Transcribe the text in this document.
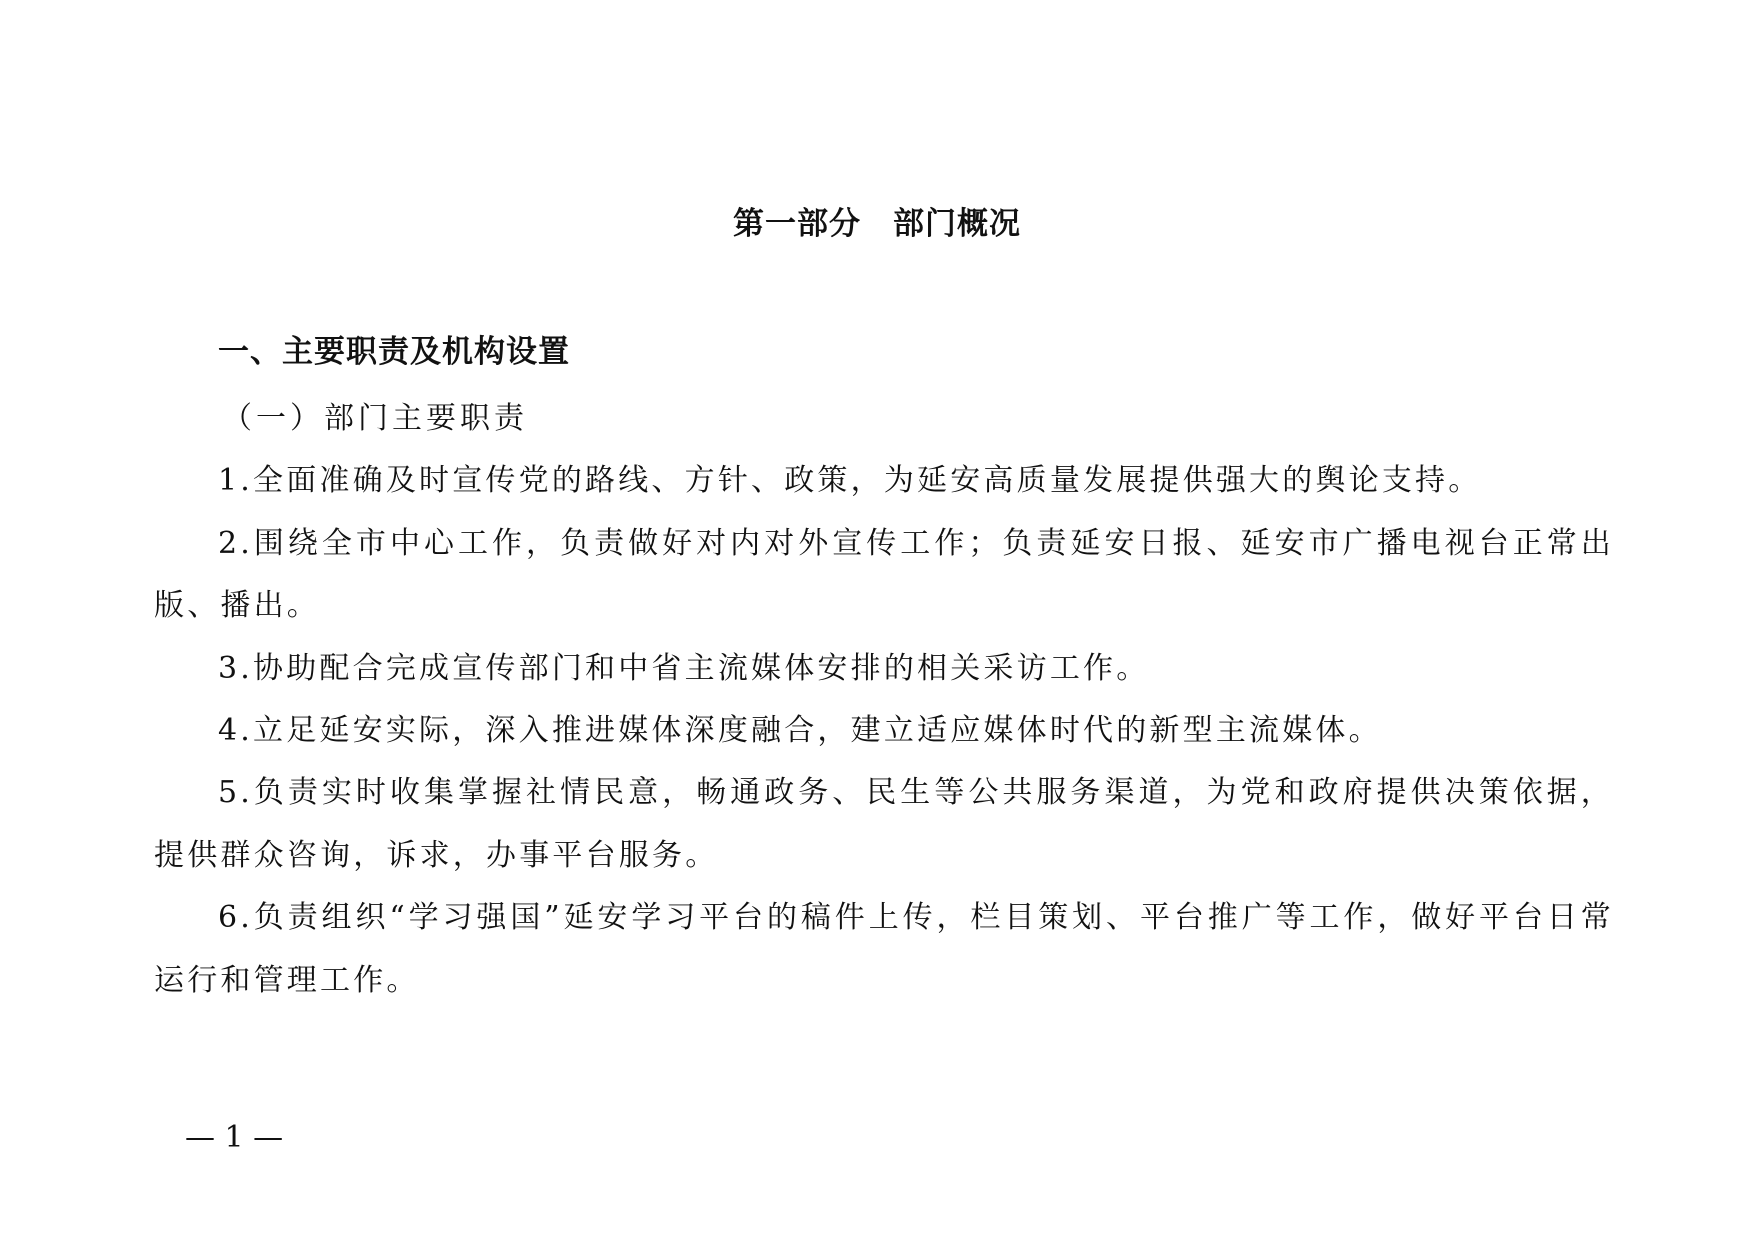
第一部分　部门概况
一、主要职责及机构设置

（一）部门主要职责

1.全面准确及时宣传党的路线、方针、政策，为延安高质量发展提供强大的舆论支持。

2.围绕全市中心工作，负责做好对内对外宣传工作；负责延安日报、延安市广播电视台正常出版、播出。

3.协助配合完成宣传部门和中省主流媒体安排的相关采访工作。

4.立足延安实际，深入推进媒体深度融合，建立适应媒体时代的新型主流媒体。

5.负责实时收集掌握社情民意，畅通政务、民生等公共服务渠道，为党和政府提供决策依据，提供群众咨询，诉求，办事平台服务。

6.负责组织“学习强国”延安学习平台的稿件上传，栏目策划、平台推广等工作，做好平台日常运行和管理工作。

— 1 —
